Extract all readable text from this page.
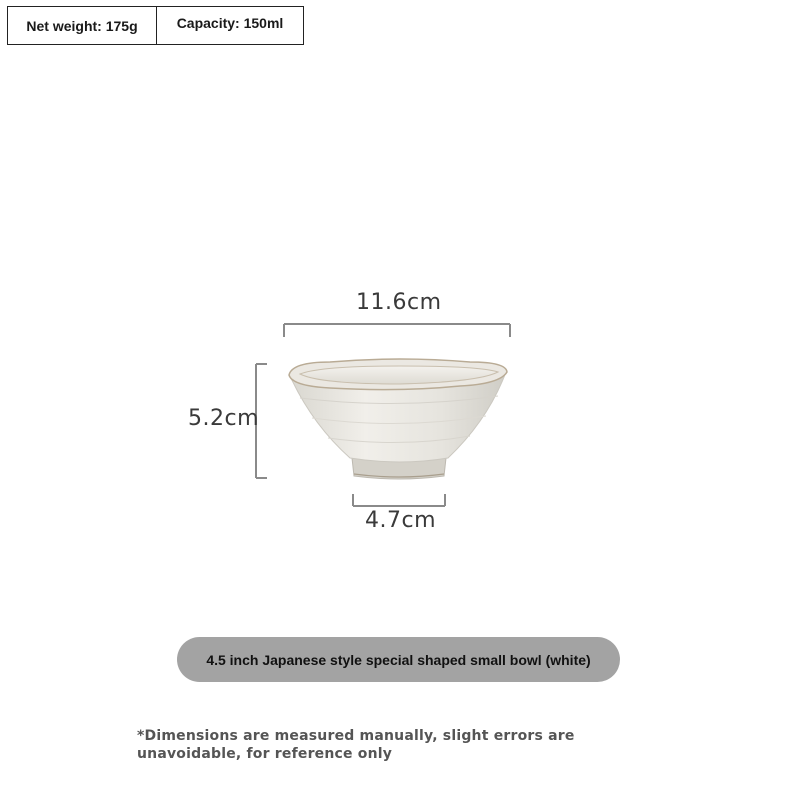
Net weight: 175g	Capacity: 150ml
11.6cm
5.2cm
4.7cm
4.5 inch Japanese style special shaped small bowl (white)
*Dimensions are measured manually, slight errors are unavoidable, for reference only
